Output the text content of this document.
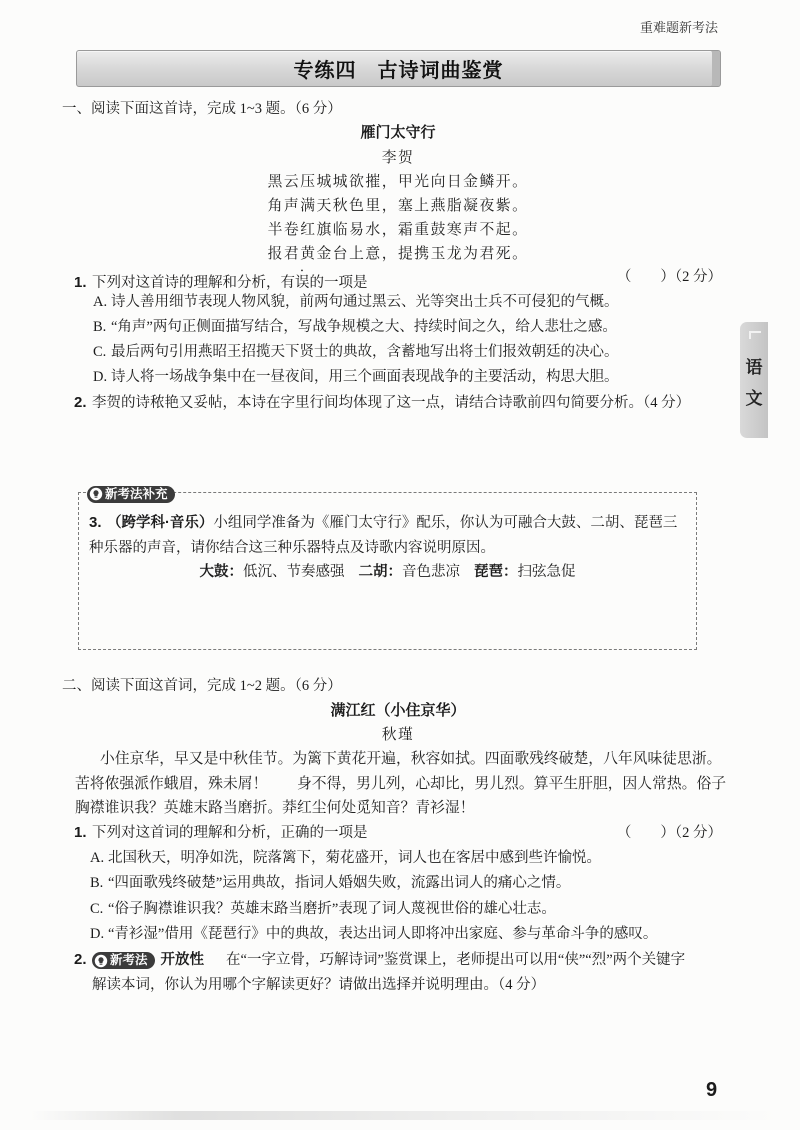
重难题新考法
专练四　古诗词曲鉴赏
语
文
一、阅读下面这首诗，完成 1~3 题。（6 分）
雁门太守行
李贺
黑云压城城欲摧，甲光向日金鳞开。
角声满天秋色里，塞上燕脂凝夜紫。
半卷红旗临易水，霜重鼓寒声不起。
报君黄金台上意，提携玉龙为君死。
1. 下列对这首诗的理解和分析，有误的一项是	（　　）（2 分）
A. 诗人善用细节表现人物风貌，前两句通过黑云、光等突出士兵不可侵犯的气概。
B. “角声”两句正侧面描写结合，写战争规模之大、持续时间之久，给人悲壮之感。
C. 最后两句引用燕昭王招揽天下贤士的典故，含蓄地写出将士们报效朝廷的决心。
D. 诗人将一场战争集中在一昼夜间，用三个画面表现战争的主要活动，构思大胆。
2. 李贺的诗秾艳又妥帖，本诗在字里行间均体现了这一点，请结合诗歌前四句简要分析。（4 分）
新考法补充
3. （跨学科·音乐）小组同学准备为《雁门太守行》配乐，你认为可融合大鼓、二胡、琵琶三
种乐器的声音，请你结合这三种乐器特点及诗歌内容说明原因。
大鼓：低沉、节奏感强 二胡：音色悲凉 琵琶：扫弦急促
二、阅读下面这首词，完成 1~2 题。（6 分）
满江红（小住京华）
秋瑾
小住京华，早又是中秋佳节。为篱下黄花开遍，秋容如拭。四面歌残终破楚，八年风味徒思浙。
苦将侬强派作蛾眉，殊未屑！　　身不得，男儿列，心却比，男儿烈。算平生肝胆，因人常热。俗子
胸襟谁识我？英雄末路当磨折。莽红尘何处觅知音？青衫湿！
1. 下列对这首词的理解和分析，正确的一项是	（　　）（2 分）
A. 北国秋天，明净如洗，院落篱下，菊花盛开，词人也在客居中感到些许愉悦。
B. “四面歌残终破楚”运用典故，指词人婚姻失败，流露出词人的痛心之情。
C. “俗子胸襟谁识我？英雄末路当磨折”表现了词人蔑视世俗的雄心壮志。
D. “青衫湿”借用《琵琶行》中的典故，表达出词人即将冲出家庭、参与革命斗争的感叹。
2. 新考法 开放性 在“一字立骨，巧解诗词”鉴赏课上，老师提出可以用“侠”“烈”两个关键字
解读本词，你认为用哪个字解读更好？请做出选择并说明理由。（4 分）
9
